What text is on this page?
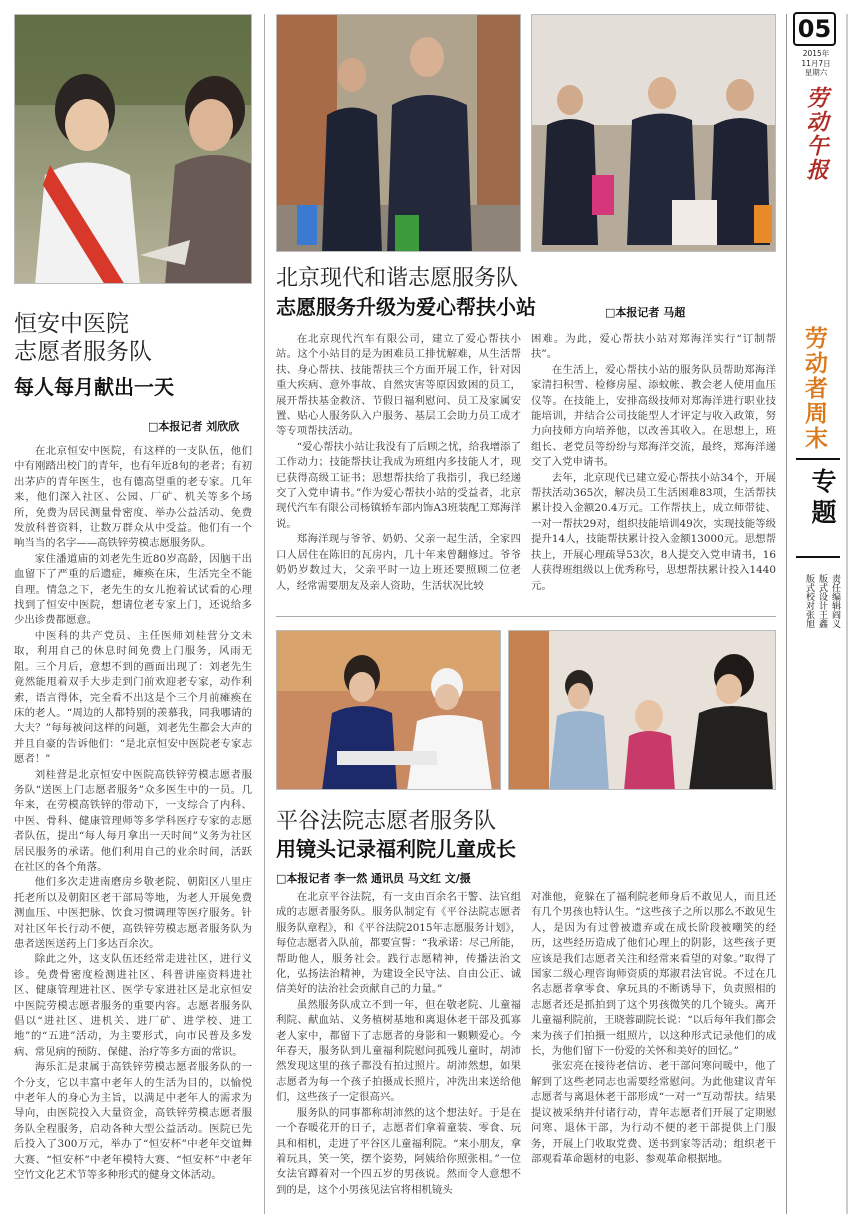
05
2015年
11月7日
星期六
劳动午报
劳动者周末
专题
责任编辑阎义
版式设计王鑫
版式校对张旭
恒安中医院
志愿者服务队
每人每月献出一天
□本报记者 刘欣欣

在北京恒安中医院，有这样的一支队伍，他们中有刚踏出校门的青年，也有年近8旬的老者；有初出茅庐的青年医生，也有德高望重的老专家。几年来，他们深入社区、公园、厂矿、机关等多个场所，免费为居民测量骨密度、举办公益活动、免费发放科普资料，让数万群众从中受益。他们有一个响当当的名字——高铁锌劳模志愿服务队。

家住潘道庙的刘老先生近80岁高龄，因脑干出血留下了严重的后遗症，瘫痪在床，生活完全不能自理。情急之下，老先生的女儿抱着试试看的心理找到了恒安中医院，想请位老专家上门，还说给多少出诊费都愿意。

中医科的共产党员、主任医师刘桂营分文未取，利用自己的休息时间免费上门服务，风雨无阻。三个月后，意想不到的画面出现了：刘老先生竟然能甩着双手大步走到门前欢迎老专家，动作利索，语言得体，完全看不出这是个三个月前瘫痪在床的老人。“周边的人都特别的羡慕我，同我哪请的大夫？”每每被问这样的问题，刘老先生都会大声的并且自豪的告诉他们：“是北京恒安中医院老专家志愿者！”

刘桂营是北京恒安中医院高铁锌劳模志愿者服务队“送医上门志愿者服务”众多医生中的一员。几年来，在劳模高铁锌的带动下，一支综合了内科、中医、骨科、健康管理师等多学科医疗专家的志愿者队伍，提出“每人每月拿出一天时间”义务为社区居民服务的承诺。他们利用自己的业余时间，活跃在社区的各个角落。

他们多次走进南磨房乡敬老院、朝阳区八里庄托老所以及朝阳区老干部局等地，为老人开展免费测血压、中医把脉、饮食习惯调理等医疗服务。针对社区年长行动不便，高铁锌劳模志愿者服务队为患者送医送药上门多达百余次。

除此之外，这支队伍还经常走进社区，进行义诊。免费骨密度检测进社区、科普讲座资料进社区、健康管理进社区、医学专家进社区是北京恒安中医院劳模志愿者服务的重要内容。志愿者服务队倡以“进社区、进机关、进厂矿、进学校、进工地”的“五进”活动，为主要形式，向市民普及多发病、常见病的预防、保健、治疗等多方面的常识。

海乐汇是隶属于高铁锌劳模志愿者服务队的一个分支，它以丰富中老年人的生活为目的，以愉悦中老年人的身心为主旨，以满足中老年人的需求为导向，由医院投入大量资金，高铁锌劳模志愿者服务队全程服务，启动各种大型公益活动。医院已先后投入了300万元，举办了“恒安杯”中老年交谊舞大赛、“恒安杯”中老年模特大赛、“恒安杯”中老年空竹文化艺术节等多种形式的健身文体活动。

北京现代和谐志愿服务队
志愿服务升级为爱心帮扶小站	□本报记者 马超

在北京现代汽车有限公司，建立了爱心帮扶小站。这个小站目的是为困难员工排忧解难，从生活帮扶、身心帮扶、技能帮扶三个方面开展工作，针对因重大疾病、意外事故、自然灾害等原因致困的员工，展开帮扶基金救济、节假日福利慰问、员工及家属安置、贴心人服务队入户服务、基层工会助力员工成才等专项帮扶活动。

“爱心帮扶小站让我没有了后顾之忧，给我增添了工作动力；技能帮扶让我成为班组内多技能人才，现已获得高级工证书；思想帮扶给了我指引，我已经递交了入党申请书。”作为爱心帮扶小站的受益者，北京现代汽车有限公司杨镇轿车部内饰A3班装配工郑海洋说。

郑海洋现与爷爷、奶奶、父亲一起生活，全家四口人居住在陈旧的瓦房内，几十年来曾翻修过。爷爷奶奶岁数过大，父亲平时一边上班还要照顾二位老人，经常需要朋友及亲人资助，生活状况比较

困难。为此，爱心帮扶小站对郑海洋实行“订制帮扶”。

在生活上，爱心帮扶小站的服务队员帮助郑海洋家清扫积雪、检修房屋、添蚊帐、教会老人使用血压仪等。在技能上，安排高级技师对郑海洋进行职业技能培训，并结合公司技能型人才评定与收入政策，努力向技师方向培养他，以改善其收入。在思想上，班组长、老党员等纷纷与郑海洋交流，最终，郑海洋递交了入党申请书。

去年，北京现代已建立爱心帮扶小站34个，开展帮扶活动365次，解决员工生活困难83项，生活帮扶累计投入金额20.4万元。工作帮扶上，成立师带徒、一对一帮扶29对，组织技能培训49次，实现技能等级提升14人，技能帮扶累计投入金额13000元。思想帮扶上，开展心理疏导53次，8人提交入党申请书，16人获得班组级以上优秀称号，思想帮扶累计投入1440元。

平谷法院志愿者服务队
用镜头记录福利院儿童成长
□本报记者 李一然 通讯员 马文红 文/摄

在北京平谷法院，有一支由百余名干警、法官组成的志愿者服务队。服务队制定有《平谷法院志愿者服务队章程》，和《平谷法院2015年志愿服务计划》，每位志愿者入队前，都要宣誓：“我承诺：尽己所能，帮助他人，服务社会。践行志愿精神，传播法治文化，弘扬法治精神，为建设全民守法、自由公正、诚信美好的法治社会贡献自己的力量。”

虽然服务队成立不到一年，但在敬老院、儿童福利院、献血站、义务植树基地和离退休老干部及孤寡老人家中，都留下了志愿者的身影和一颗颗爱心。今年春天，服务队到儿童福利院慰问孤残儿童时，胡沛然发现这里的孩子都没有拍过照片。胡沛然想，如果志愿者为每一个孩子拍摄成长照片，冲洗出来送给他们，这些孩子一定很高兴。

服务队的同事都称胡沛然的这个想法好。于是在一个春暖花开的日子，志愿者们拿着童装、零食、玩具和相机，走进了平谷区儿童福利院。“来小朋友，拿着玩具，笑一笑，摆个姿势，阿姨给你照张相。”一位女法官蹲着对一个四五岁的男孩说。然而令人意想不到的是，这个小男孩见法官将相机镜头

对准他，竟躲在了福利院老师身后不敢见人，而且还有几个男孩也特认生。“这些孩子之所以那么不敢见生人，是因为有过曾被遗弃或在成长阶段被嘲笑的经历，这些经历造成了他们心理上的阴影，这些孩子更应该是我们志愿者关注和经常来看望的对象。”取得了国家二级心理咨询师资质的郑淑君法官说。不过在几名志愿者拿零食、拿玩具的不断诱导下，负责照相的志愿者还是抓拍到了这个男孩微笑的几个镜头。离开儿童福利院前，王晓蓉副院长说：“以后每年我们都会来为孩子们拍摄一组照片，以这种形式记录他们的成长，为他们留下一份爱的关怀和美好的回忆。”

张宏亮在接待老信访、老干部问寒问暖中，他了解到了这些老同志也需要经常慰问。为此他建议青年志愿者与离退休老干部形成“一对一”互动帮扶。结果提议被采纳并付诸行动，青年志愿者们开展了定期慰问寒、退休干部，为行动不便的老干部提供上门服务，开展上门收取党费、送书到家等活动；组织老干部观看革命题材的电影、参观革命根据地。
